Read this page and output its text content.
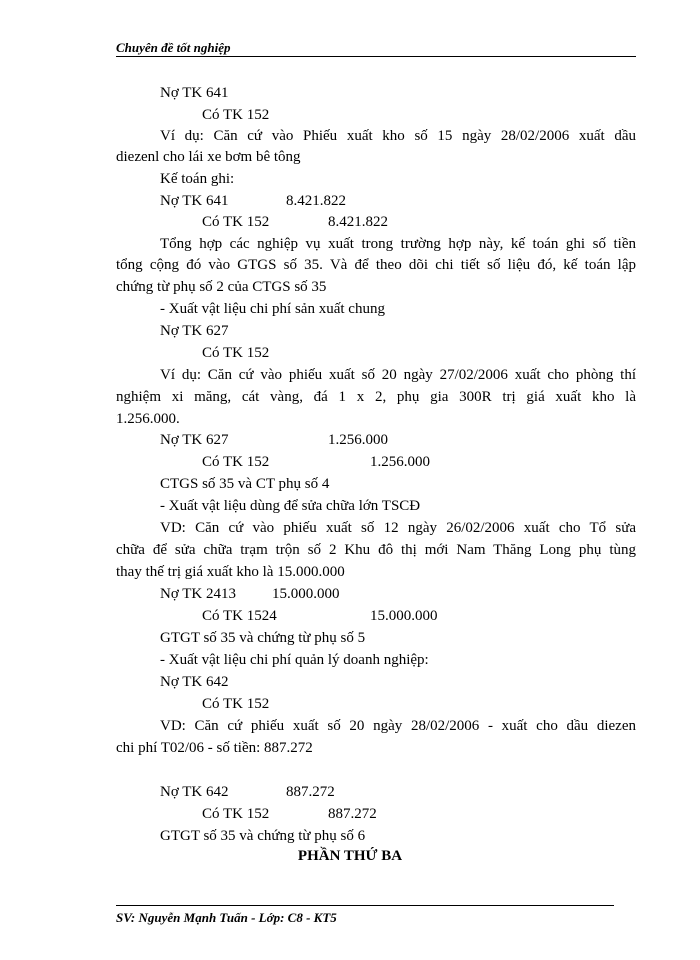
Chuyên đề tốt nghiệp
Nợ TK 641
Có TK 152
Ví dụ: Căn cứ vào Phiếu xuất kho số 15 ngày 28/02/2006 xuất dầu
diezenl cho lái xe bơm bê tông
Kế toán ghi:
Nợ TK 641	8.421.822
Có TK 152	8.421.822
Tổng hợp các nghiệp vụ xuất trong trường hợp này, kế toán ghi số tiền
tổng cộng đó vào GTGS số 35. Và để theo dõi chi tiết số liệu đó, kế toán lập
chứng từ phụ số 2 của CTGS số 35
- Xuất vật liệu chi phí sản xuất chung
Nợ TK 627
Có TK 152
Ví dụ: Căn cứ vào phiếu xuất số 20 ngày 27/02/2006 xuất cho phòng thí
nghiệm xi măng, cát vàng, đá 1 x 2, phụ gia 300R trị giá xuất kho là
1.256.000.
Nợ TK 627	1.256.000
Có TK 152	1.256.000
CTGS số 35 và CT phụ số 4
- Xuất vật liệu dùng để sửa chữa lớn TSCĐ
VD: Căn cứ vào phiếu xuất số 12 ngày 26/02/2006 xuất cho Tổ sửa
chữa để sửa chữa trạm trộn số 2 Khu đô thị mới Nam Thăng Long phụ tùng
thay thế trị giá xuất kho là 15.000.000
Nợ TK 2413 15.000.000
Có TK 1524	15.000.000
GTGT số 35 và chứng từ phụ số 5
- Xuất vật liệu chi phí quản lý doanh nghiệp:
Nợ TK 642
Có TK 152
VD: Căn cứ phiếu xuất số 20 ngày 28/02/2006 - xuất cho dầu diezen
chi phí T02/06 - số tiền: 887.272
Nợ TK 642	887.272
Có TK 152	887.272
GTGT số 35 và chứng từ phụ số 6
PHẦN THỨ BA
SV: Nguyễn Mạnh Tuấn - Lớp: C8 - KT5
